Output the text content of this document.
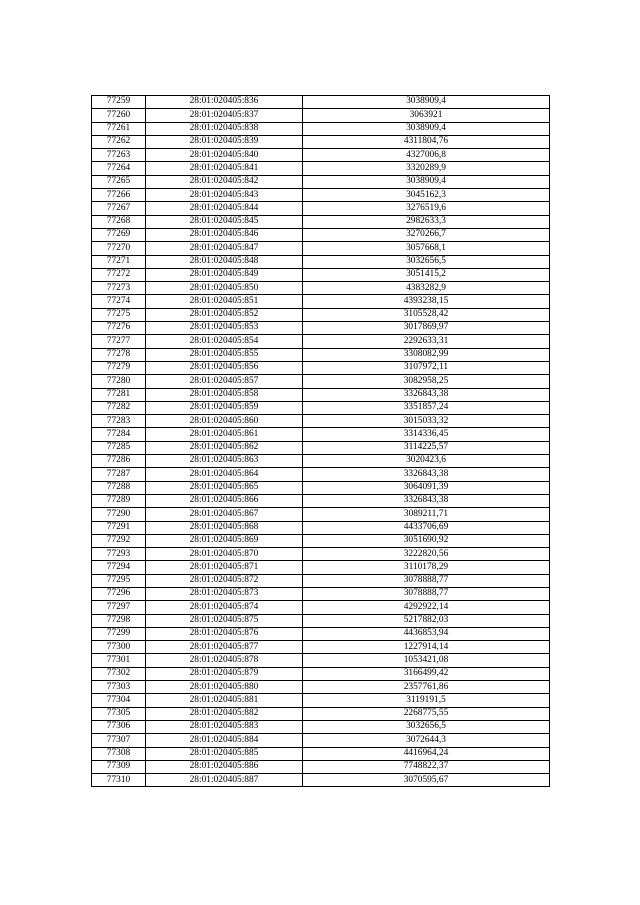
77259	28:01:020405:836	3038909,4
77260	28:01:020405:837	3063921
77261	28:01:020405:838	3038909,4
77262	28:01:020405:839	4311804,76
77263	28:01:020405:840	4327006,8
77264	28:01:020405:841	3320289,9
77265	28:01:020405:842	3038909,4
77266	28:01:020405:843	3045162,3
77267	28:01:020405:844	3276519,6
77268	28:01:020405:845	2982633,3
77269	28:01:020405:846	3270266,7
77270	28:01:020405:847	3057668,1
77271	28:01:020405:848	3032656,5
77272	28:01:020405:849	3051415,2
77273	28:01:020405:850	4383282,9
77274	28:01:020405:851	4393238,15
77275	28:01:020405:852	3105528,42
77276	28:01:020405:853	3017869,97
77277	28:01:020405:854	2292633,31
77278	28:01:020405:855	3308082,99
77279	28:01:020405:856	3107972,11
77280	28:01:020405:857	3082958,25
77281	28:01:020405:858	3326843,38
77282	28:01:020405:859	3351857,24
77283	28:01:020405:860	3015033,32
77284	28:01:020405:861	3314336,45
77285	28:01:020405:862	3114225,57
77286	28:01:020405:863	3020423,6
77287	28:01:020405:864	3326843,38
77288	28:01:020405:865	3064091,39
77289	28:01:020405:866	3326843,38
77290	28:01:020405:867	3089211,71
77291	28:01:020405:868	4433706,69
77292	28:01:020405:869	3051690,92
77293	28:01:020405:870	3222820,56
77294	28:01:020405:871	3110178,29
77295	28:01:020405:872	3078888,77
77296	28:01:020405:873	3078888,77
77297	28:01:020405:874	4292922,14
77298	28:01:020405:875	5217882,03
77299	28:01:020405:876	4436853,94
77300	28:01:020405:877	1227914,14
77301	28:01:020405:878	1053421,08
77302	28:01:020405:879	3166499,42
77303	28:01:020405:880	2357761,86
77304	28:01:020405:881	3119191,5
77305	28:01:020405:882	2268775,55
77306	28:01:020405:883	3032656,5
77307	28:01:020405:884	3072644,3
77308	28:01:020405:885	4416964,24
77309	28:01:020405:886	7748822,37
77310	28:01:020405:887	3070595,67
